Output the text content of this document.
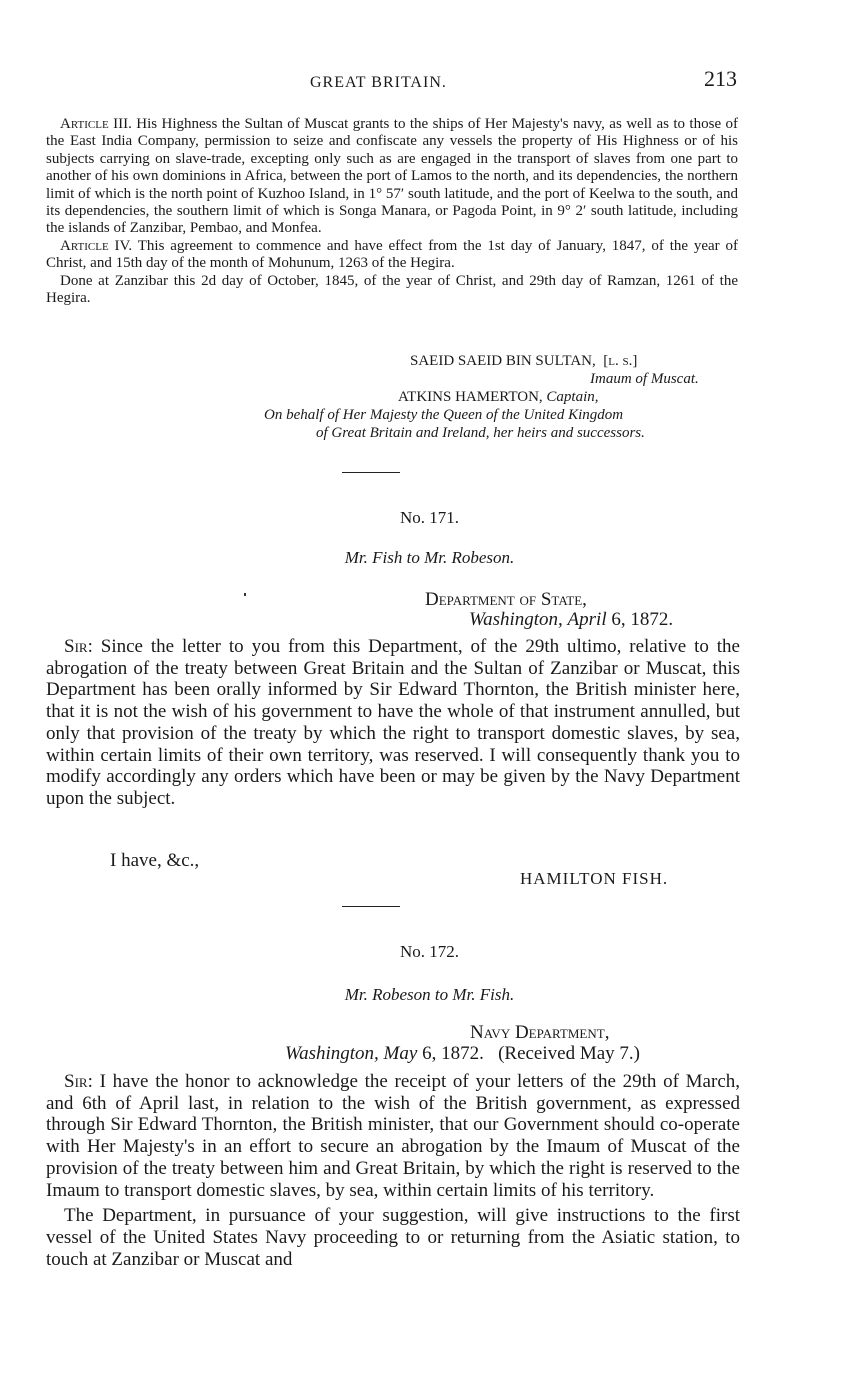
GREAT BRITAIN.	213

Article III. His Highness the Sultan of Muscat grants to the ships of Her Majesty's navy, as well as to those of the East India Company, permission to seize and confiscate any vessels the property of His Highness or of his subjects carrying on slave-trade, excepting only such as are engaged in the transport of slaves from one part to another of his own dominions in Africa, between the port of Lamos to the north, and its dependencies, the northern limit of which is the north point of Kuzhoo Island, in 1° 57′ south latitude, and the port of Keelwa to the south, and its dependencies, the southern limit of which is Songa Manara, or Pagoda Point, in 9° 2′ south latitude, including the islands of Zanzibar, Pembao, and Monfea.

Article IV. This agreement to commence and have effect from the 1st day of January, 1847, of the year of Christ, and 15th day of the month of Mohunum, 1263 of the Hegira.

Done at Zanzibar this 2d day of October, 1845, of the year of Christ, and 29th day of Ramzan, 1261 of the Hegira.

SAEID SAEID BIN SULTAN, [l. s.]
Imaum of Muscat.
ATKINS HAMERTON, Captain,
On behalf of Her Majesty the Queen of the United Kingdom
of Great Britain and Ireland, her heirs and successors.
No. 171.
Mr. Fish to Mr. Robeson.
Department of State,
Washington, April 6, 1872.

Sir: Since the letter to you from this Department, of the 29th ultimo, relative to the abrogation of the treaty between Great Britain and the Sultan of Zanzibar or Muscat, this Department has been orally informed by Sir Edward Thornton, the British minister here, that it is not the wish of his government to have the whole of that instrument annulled, but only that provision of the treaty by which the right to transport domestic slaves, by sea, within certain limits of their own territory, was reserved. I will consequently thank you to modify accordingly any orders which have been or may be given by the Navy Department upon the subject.

I have, &c.,
HAMILTON FISH.
No. 172.
Mr. Robeson to Mr. Fish.
Navy Department,
Washington, May 6, 1872. (Received May 7.)

Sir: I have the honor to acknowledge the receipt of your letters of the 29th of March, and 6th of April last, in relation to the wish of the British government, as expressed through Sir Edward Thornton, the British minister, that our Government should co-operate with Her Majesty's in an effort to secure an abrogation by the Imaum of Muscat of the provision of the treaty between him and Great Britain, by which the right is reserved to the Imaum to transport domestic slaves, by sea, within certain limits of his territory.

The Department, in pursuance of your suggestion, will give instructions to the first vessel of the United States Navy proceeding to or returning from the Asiatic station, to touch at Zanzibar or Muscat and
